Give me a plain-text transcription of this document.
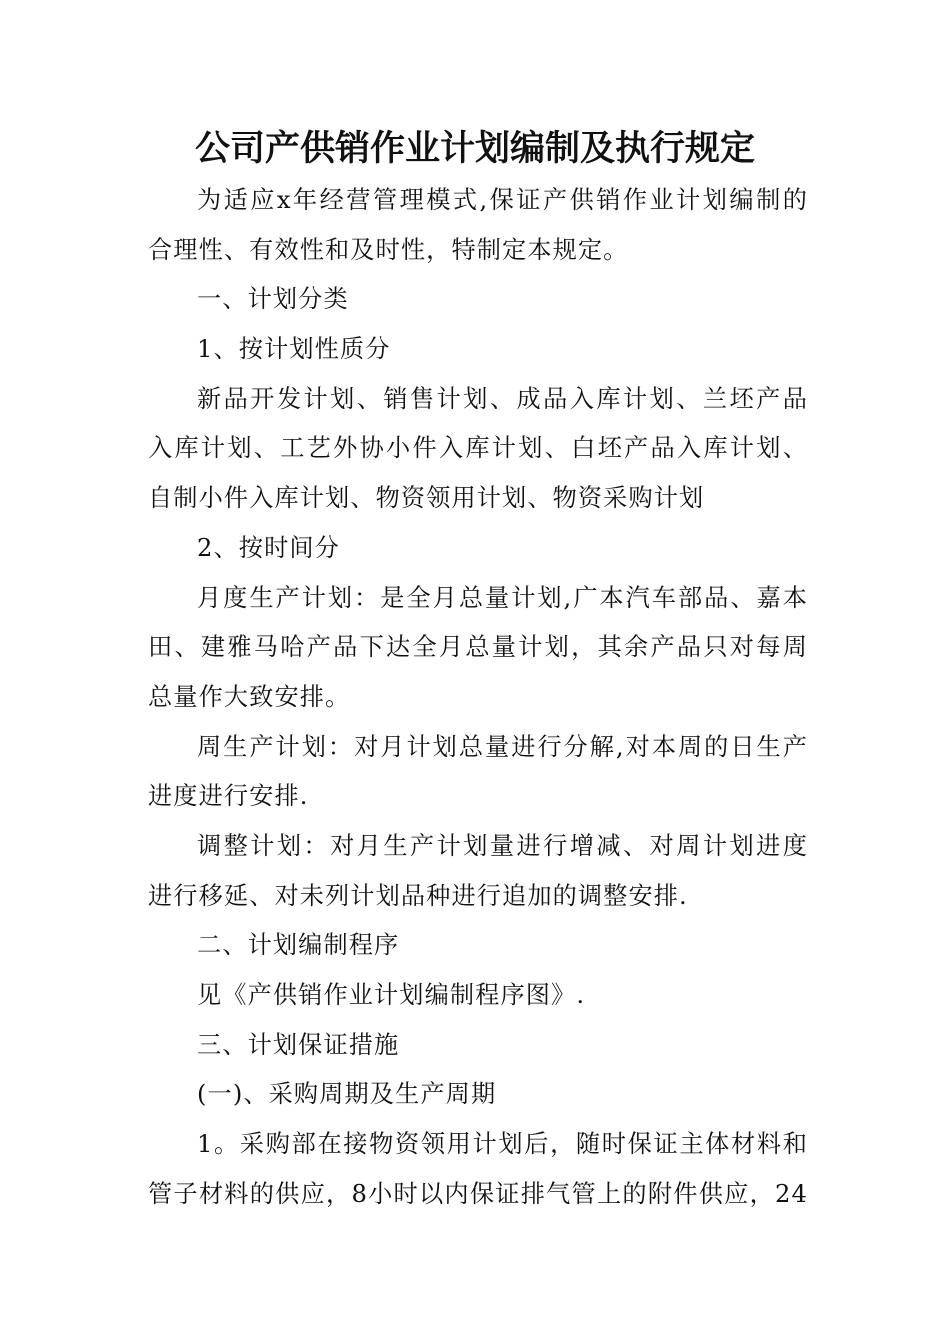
公司产供销作业计划编制及执行规定
为适应x年经营管理模式,保证产供销作业计划编制的
合理性、有效性和及时性，特制定本规定。
一、计划分类
1、按计划性质分
新品开发计划、销售计划、成品入库计划、兰坯产品
入库计划、工艺外协小件入库计划、白坯产品入库计划、
自制小件入库计划、物资领用计划、物资采购计划
2、按时间分
月度生产计划：是全月总量计划,广本汽车部品、嘉本
田、建雅马哈产品下达全月总量计划，其余产品只对每周
总量作大致安排。
周生产计划：对月计划总量进行分解,对本周的日生产
进度进行安排.
调整计划：对月生产计划量进行增减、对周计划进度
进行移延、对未列计划品种进行追加的调整安排.
二、计划编制程序
见《产供销作业计划编制程序图》.
三、计划保证措施
(一)、采购周期及生产周期
1。采购部在接物资领用计划后，随时保证主体材料和
管子材料的供应，8小时以内保证排气管上的附件供应，24
